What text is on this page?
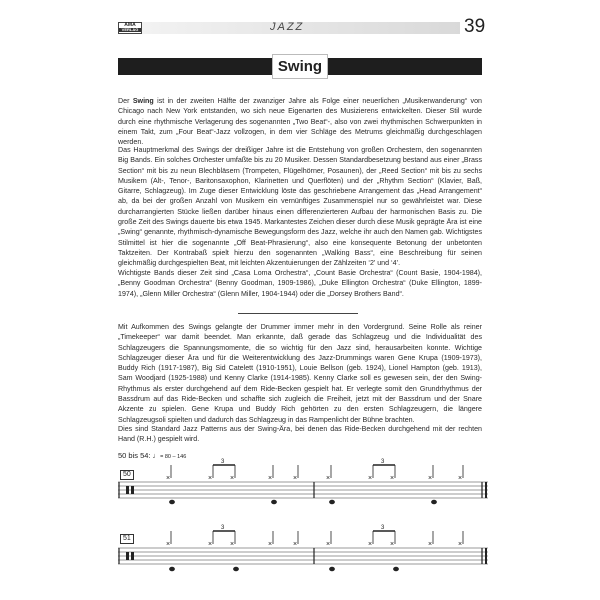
AMA
VERLAG	JAZZ	39
Swing

Der Swing ist in der zweiten Hälfte der zwanziger Jahre als Folge einer neuerlichen „Musikerwanderung“ von Chicago nach New York entstanden, wo sich neue Eigenarten des Musizierens entwickelten. Dieser Stil wurde durch eine rhythmische Verlagerung des sogenannten „Two Beat“-, also von zwei rhythmischen Schwerpunkten in einem Takt, zum „Four Beat“-Jazz vollzogen, in dem vier Schläge des Metrums gleichmäßig durchgeschlagen werden.

Das Hauptmerkmal des Swings der dreißiger Jahre ist die Entstehung von großen Orchestern, den sogenannten Big Bands. Ein solches Orchester umfaßte bis zu 20 Musiker. Dessen Standardbesetzung bestand aus einer „Brass Section“ mit bis zu neun Blechbläsern (Trompeten, Flügelhörner, Posaunen), der „Reed Section“ mit bis zu sechs Musikern (Alt-, Tenor-, Baritonsaxophon, Klarinetten und Querflöten) und der „Rhythm Section“ (Klavier, Baß, Gitarre, Schlagzeug). Im Zuge dieser Entwicklung löste das geschriebene Arrangement das „Head Arrangement“ ab, da bei der großen Anzahl von Musikern ein vernünftiges Zusammenspiel nur so gewährleistet war. Diese durcharrangierten Stücke ließen darüber hinaus einen differenzierteren Aufbau der harmonischen Basis zu. Die große Zeit des Swings dauerte bis etwa 1945. Markantestes Zeichen dieser durch diese Musik geprägte Ära ist eine „Swing“ genannte, rhythmisch-dynamische Bewegungsform des Jazz, welche ihr auch den Namen gab. Wichtigstes Stilmittel ist hier die sogenannte „Off Beat-Phrasierung“, also eine konsequente Betonung der unbetonten Taktzeiten. Der Kontrabaß spielt hierzu den sogenannten „Walking Bass“, eine Beschreibung für seinen gleichmäßig durchgespielten Beat, mit leichten Akzentuierungen der Zählzeiten ‘2’ und ‘4’.

Wichtigste Bands dieser Zeit sind „Casa Loma Orchestra“, „Count Basie Orchestra“ (Count Basie, 1904-1984), „Benny Goodman Orchestra“ (Benny Goodman, 1909-1986), „Duke Ellington Orchestra“ (Duke Ellington, 1899-1974), „Glenn Miller Orchestra“ (Glenn Miller, 1904-1944) oder die „Dorsey Brothers Band“.

Mit Aufkommen des Swings gelangte der Drummer immer mehr in den Vordergrund. Seine Rolle als reiner „Timekeeper“ war damit beendet. Man erkannte, daß gerade das Schlagzeug und die Individualität des Schlagzeugers die Spannungsmomente, die so wichtig für den Jazz sind, herausarbeiten konnte. Wichtige Schlagzeuger dieser Ära und für die Weiterentwicklung des Jazz-Drummings waren Gene Krupa (1909-1973), Buddy Rich (1917-1987), Big Sid Catelett (1910-1951), Louie Bellson (geb. 1924), Lionel Hampton (geb. 1913), Sam Woodjard (1925-1988) und Kenny Clarke (1914-1985). Kenny Clarke soll es gewesen sein, der den Swing-Rhythmus als erster durchgehend auf dem Ride-Becken gespielt hat. Er verlegte somit den Grundrhythmus der Bassdrum auf das Ride-Becken und schaffte sich zugleich die Freiheit, jetzt mit der Bassdrum und der Snare Akzente zu spielen. Gene Krupa und Buddy Rich gehörten zu den ersten Schlagzeugern, die längere Schlagzeugsoli spielten und dadurch das Schlagzeug in das Rampenlicht der Bühne brachten.

Dies sind Standard Jazz Patterns aus der Swing-Ära, bei denen das Ride-Becken durchgehend mit der rechten Hand (R.H.) gespielt wird.

50 bis 54: ♩= 80 – 146
50
×	×	×	×	×
3
×	×	×	×	×
3
51
×	×	×	×	×
3
×	×	×	×	×
3
